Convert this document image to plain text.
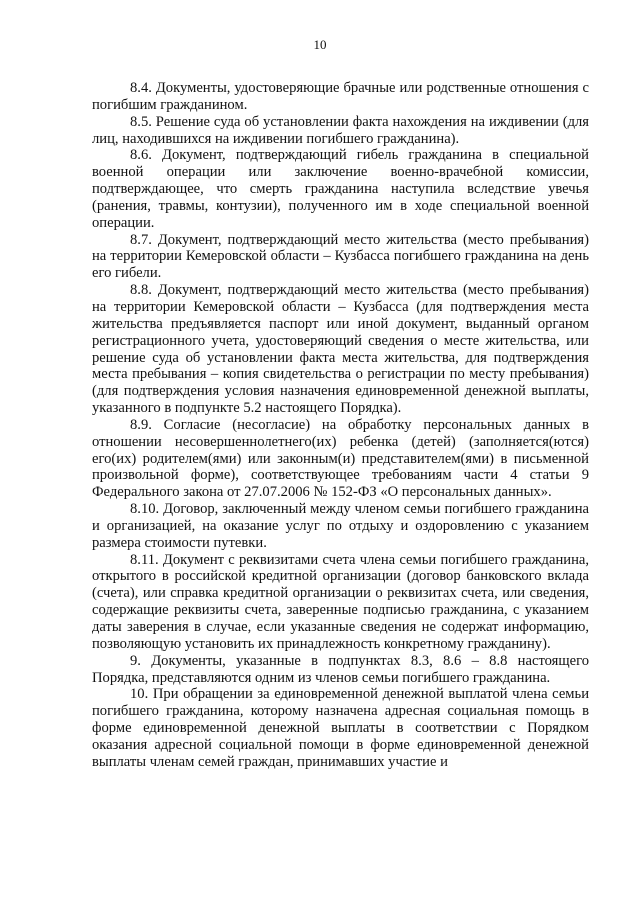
10

8.4. Документы, удостоверяющие брачные или родственные отношения с погибшим гражданином.

8.5. Решение суда об установлении факта нахождения на иждивении (для лиц, находившихся на иждивении погибшего гражданина).

8.6. Документ, подтверждающий гибель гражданина в специальной военной операции или заключение военно-врачебной комиссии, подтверждающее, что смерть гражданина наступила вследствие увечья (ранения, травмы, контузии), полученного им в ходе специальной военной операции.

8.7. Документ, подтверждающий место жительства (место пребывания) на территории Кемеровской области – Кузбасса погибшего гражданина на день его гибели.

8.8. Документ, подтверждающий место жительства (место пребывания) на территории Кемеровской области – Кузбасса (для подтверждения места жительства предъявляется паспорт или иной документ, выданный органом регистрационного учета, удостоверяющий сведения о месте жительства, или решение суда об установлении факта места жительства, для подтверждения места пребывания – копия свидетельства о регистрации по месту пребывания) (для подтверждения условия назначения единовременной денежной выплаты, указанного в подпункте 5.2 настоящего Порядка).

8.9. Согласие (несогласие) на обработку персональных данных в отношении несовершеннолетнего(их) ребенка (детей) (заполняется(ются) его(их) родителем(ями) или законным(и) представителем(ями) в письменной произвольной форме), соответствующее требованиям части 4 статьи 9 Федерального закона от 27.07.2006 № 152-ФЗ «О персональных данных».

8.10. Договор, заключенный между членом семьи погибшего гражданина и организацией, на оказание услуг по отдыху и оздоровлению с указанием размера стоимости путевки.

8.11. Документ с реквизитами счета члена семьи погибшего гражданина, открытого в российской кредитной организации (договор банковского вклада (счета), или справка кредитной организации о реквизитах счета, или сведения, содержащие реквизиты счета, заверенные подписью гражданина, с указанием даты заверения в случае, если указанные сведения не содержат информацию, позволяющую установить их принадлежность конкретному гражданину).

9. Документы, указанные в подпунктах 8.3, 8.6 – 8.8 настоящего Порядка, представляются одним из членов семьи погибшего гражданина.

10. При обращении за единовременной денежной выплатой члена семьи погибшего гражданина, которому назначена адресная социальная помощь в форме единовременной денежной выплаты в соответствии с Порядком оказания адресной социальной помощи в форме единовременной денежной выплаты членам семей граждан, принимавших участие и
